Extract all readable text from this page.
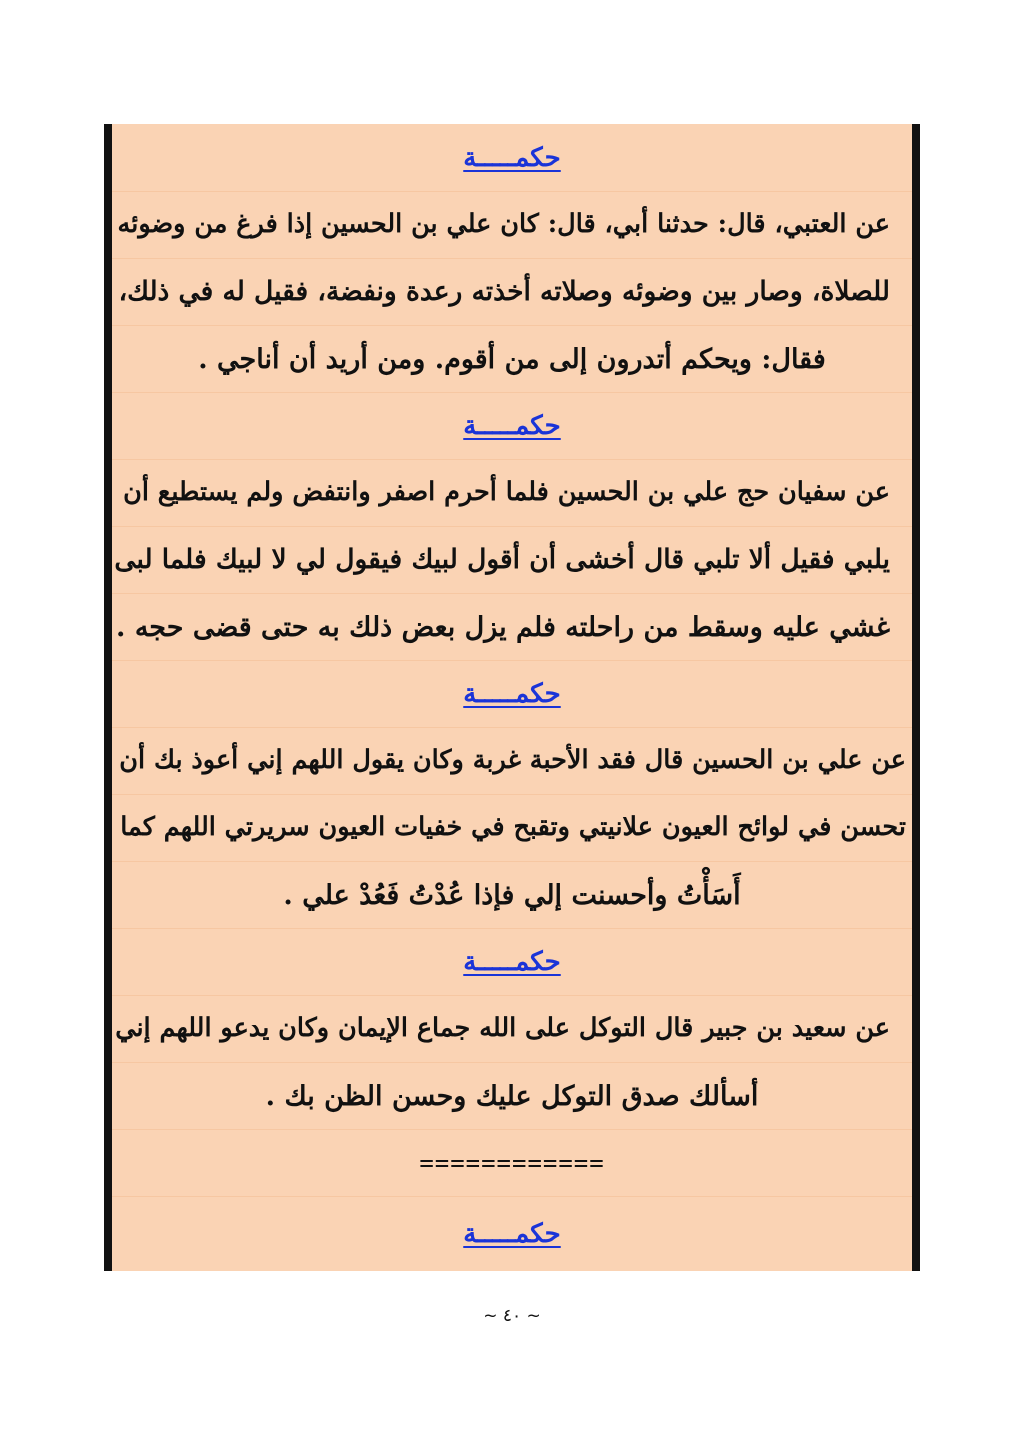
حكمـــــة
عن العتبي، قال: حدثنا أبي، قال: كان علي بن الحسين إذا فرغ من وضوئه
للصلاة، وصار بين وضوئه وصلاته أخذته رعدة ونفضة، فقيل له في ذلك،
فقال: ويحكم أتدرون إلى من أقوم. ومن أريد أن أناجي .
حكمـــــة
عن سفيان حج علي بن الحسين فلما أحرم اصفر وانتفض ولم يستطيع أن
يلبي فقيل ألا تلبي قال أخشى أن أقول لبيك فيقول لي لا لبيك فلما لبى
غشي عليه وسقط من راحلته فلم يزل بعض ذلك به حتى قضى حجه .
حكمـــــة
عن علي بن الحسين قال فقد الأحبة غربة وكان يقول اللهم إني أعوذ بك أن
تحسن في لوائح العيون علانيتي وتقبح في خفيات العيون سريرتي اللهم كما
أَسَأْتُ وأحسنت إلي فإذا عُدْتُ فَعُدْ علي .
حكمـــــة
عن سعيد بن جبير قال التوكل على الله جماع الإيمان وكان يدعو اللهم إني
أسألك صدق التوكل عليك وحسن الظن بك .
============
حكمـــــة
~ ٤٠ ~
